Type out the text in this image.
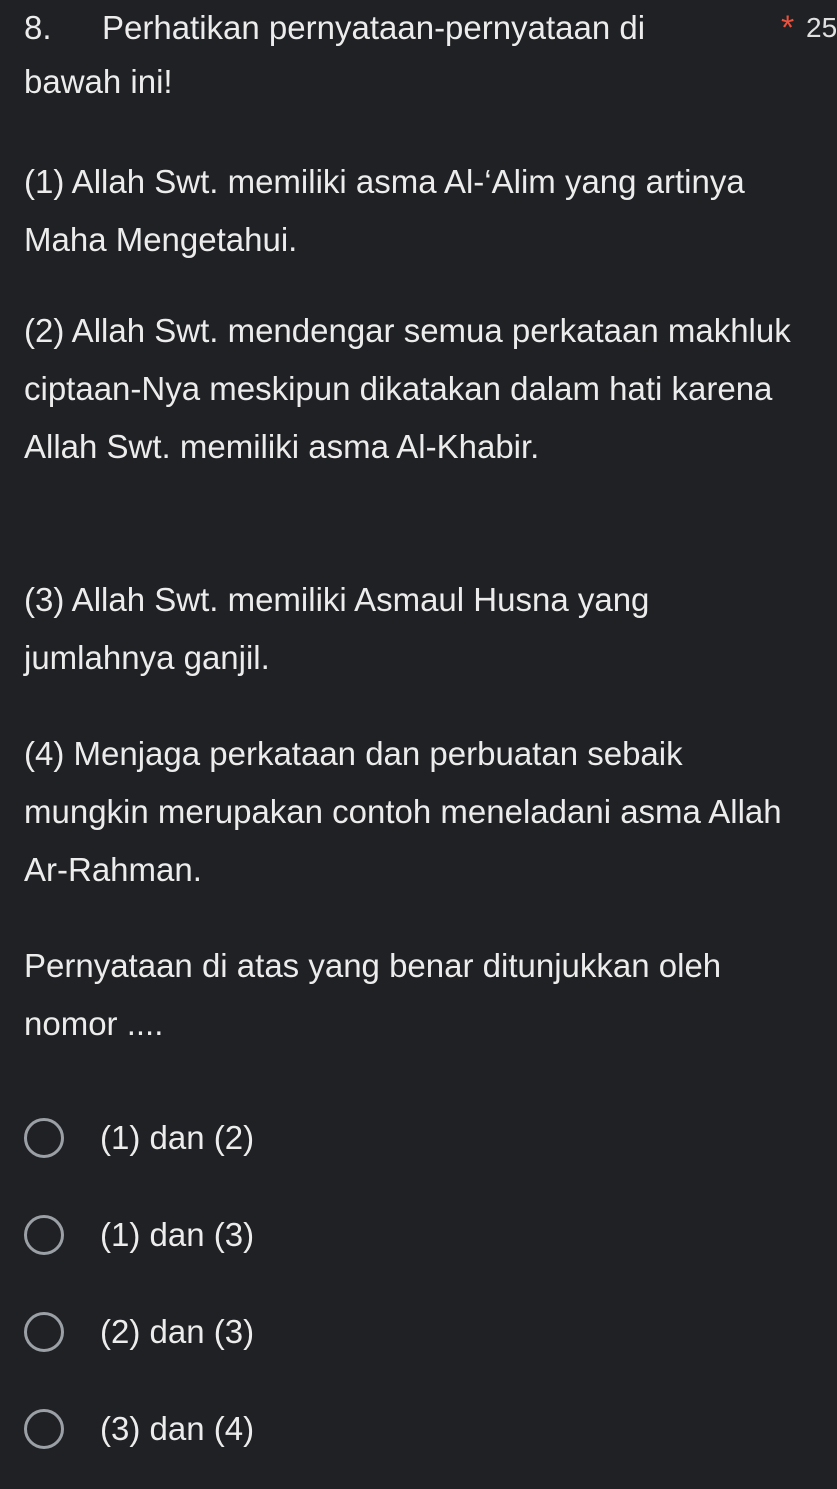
8. Perhatikan pernyataan-pernyataan di
bawah ini!
* 25

(1) Allah Swt. memiliki asma Al-‘Alim yang artinya Maha Mengetahui.

(2) Allah Swt. mendengar semua perkataan makhluk ciptaan-Nya meskipun dikatakan dalam hati karena Allah Swt. memiliki asma Al-Khabir.

(3) Allah Swt. memiliki Asmaul Husna yang jumlahnya ganjil.

(4) Menjaga perkataan dan perbuatan sebaik mungkin merupakan contoh meneladani asma Allah Ar-Rahman.

Pernyataan di atas yang benar ditunjukkan oleh nomor ....

(1) dan (2)
(1) dan (3)
(2) dan (3)
(3) dan (4)
